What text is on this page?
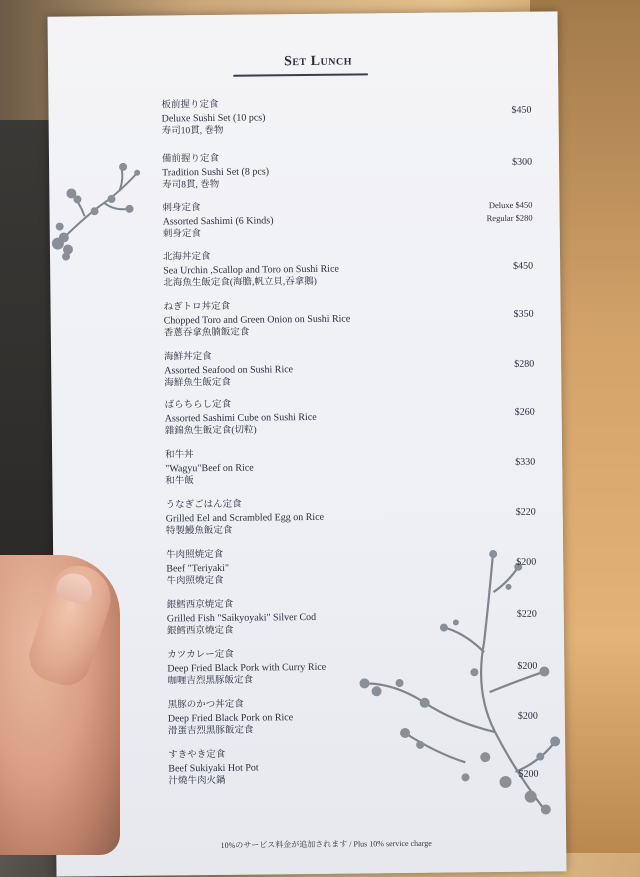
Set Lunch
板前握り定食
Deluxe Sushi Set (10 pcs)
寿司10貫, 巻物
$450
備前握り定食
Tradition Sushi Set (8 pcs)
寿司8貫, 巻物
$300
刺身定食
Assorted Sashimi (6 Kinds)
刺身定食
Deluxe $450
Regular $280
北海丼定食
Sea Urchin ,Scallop and Toro on Sushi Rice
北海魚生飯定食(海膽,帆立貝,吞拿鵝)
$450
ねぎトロ丼定食
Chopped Toro and Green Onion on Sushi Rice
香蔥吞拿魚腩飯定食
$350
海鮮丼定食
Assorted Seafood on Sushi Rice
海鮮魚生飯定食
$280
ばらちらし定食
Assorted Sashimi Cube on Sushi Rice
雜錦魚生飯定食(切粒)
$260
和牛丼
"Wagyu"Beef on Rice
和牛飯
$330
うなぎごはん定食
Grilled Eel and Scrambled Egg on Rice
特製鰻魚飯定食
$220
牛肉照焼定食
Beef "Teriyaki"
牛肉照燒定食
$200
銀鱈西京焼定食
Grilled Fish "Saikyoyaki" Silver Cod
銀鱈西京燒定食
$220
カツカレー定食
Deep Fried Black Pork with Curry Rice
咖喱吉烈黑豚飯定食
$200
黒豚のかつ丼定食
Deep Fried Black Pork on Rice
滑蛋吉烈黑豚飯定食
$200
すきやき定食
Beef Sukiyaki Hot Pot
汁燒牛肉火鍋
$200
10%のサービス料金が追加されます / Plus 10% service charge
